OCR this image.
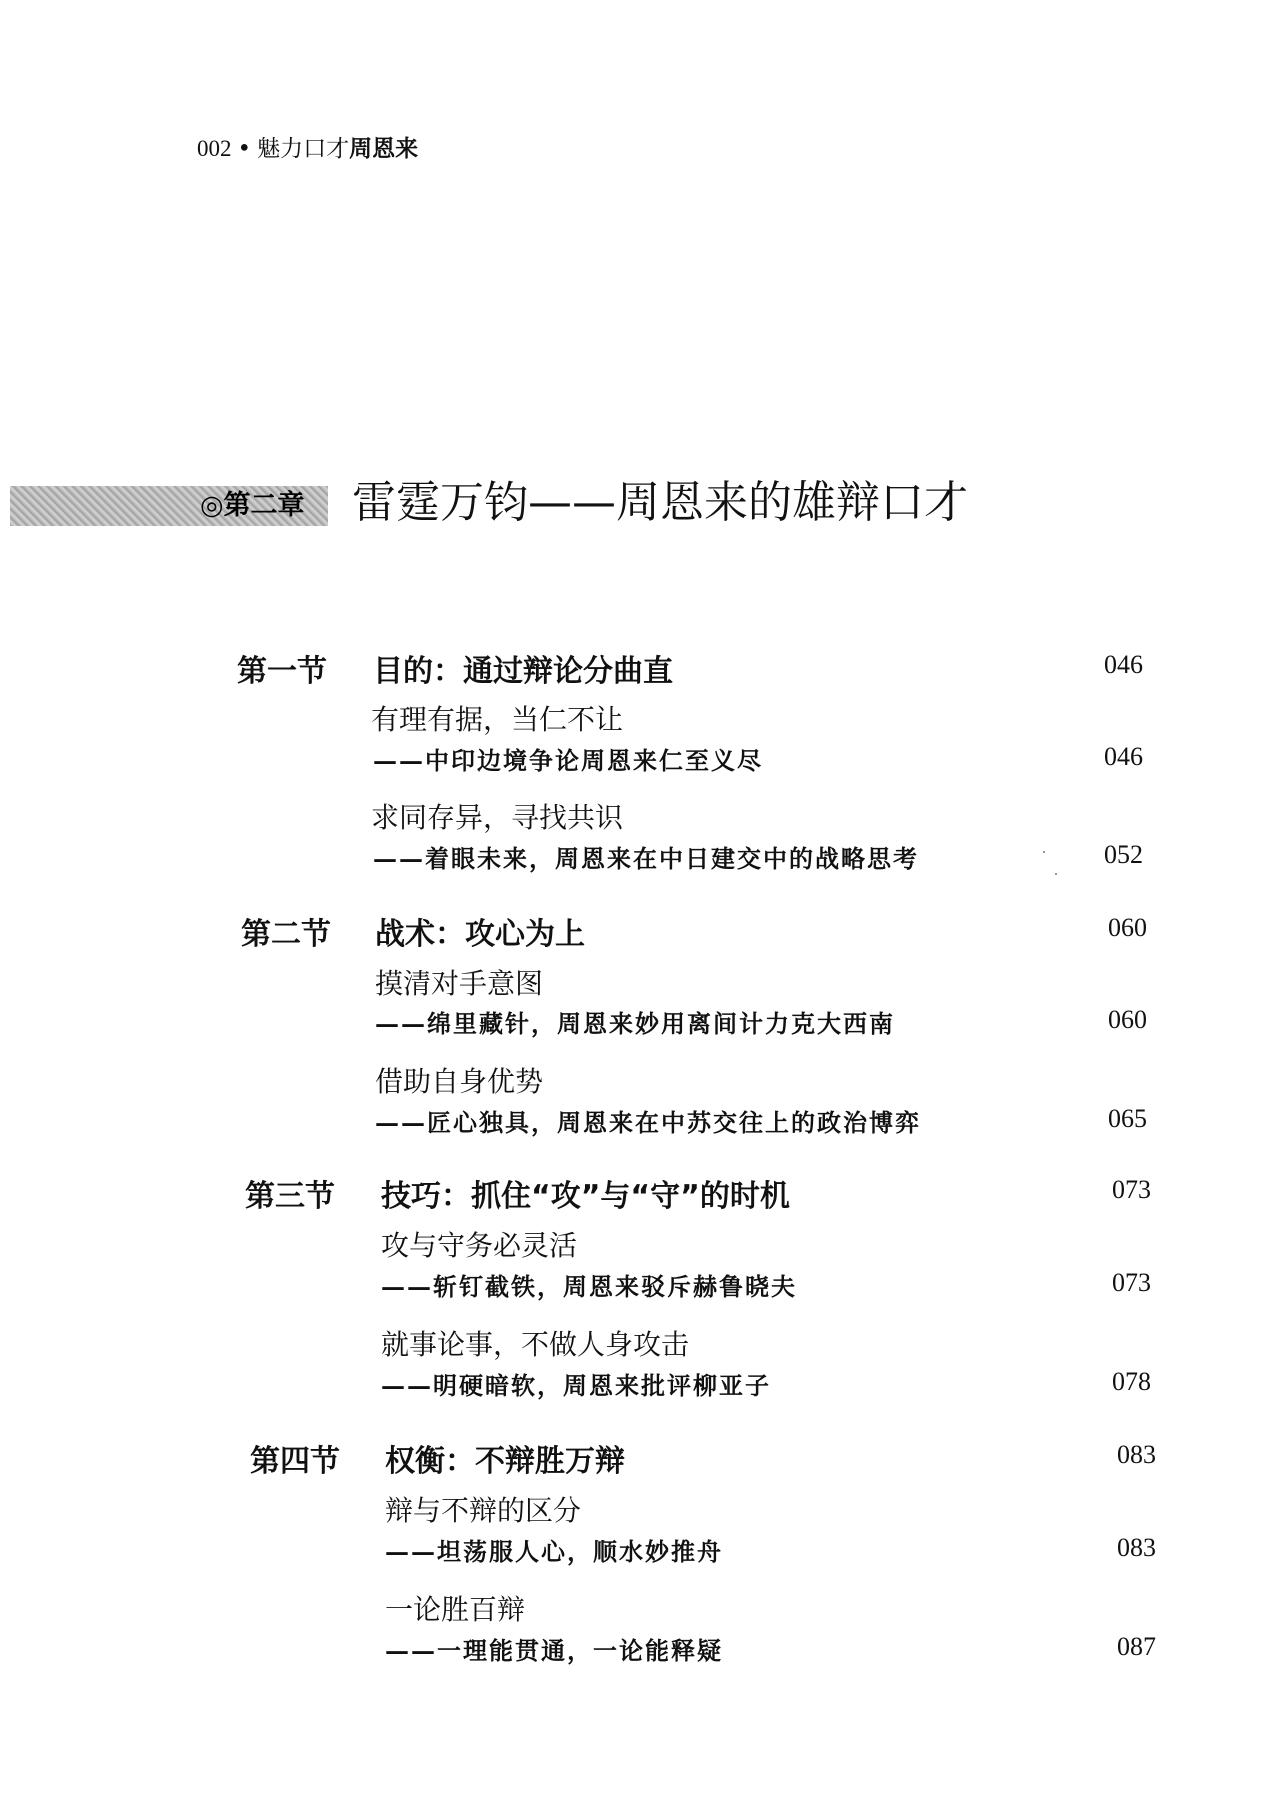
002 • 魅力口才周恩来
◎第二章 雷霆万钧——周恩来的雄辩口才
第一节 目的：通过辩论分曲直	046
有理有据，当仁不让
——中印边境争论周恩来仁至义尽	046
求同存异，寻找共识
——着眼未来，周恩来在中日建交中的战略思考	052
第二节 战术：攻心为上	060
摸清对手意图
——绵里藏针，周恩来妙用离间计力克大西南	060
借助自身优势
——匠心独具，周恩来在中苏交往上的政治博弈	065
第三节 技巧：抓住“攻”与“守”的时机	073
攻与守务必灵活
——斩钉截铁，周恩来驳斥赫鲁晓夫	073
就事论事，不做人身攻击
——明硬暗软，周恩来批评柳亚子	078
第四节 权衡：不辩胜万辩	083
辩与不辩的区分
——坦荡服人心，顺水妙推舟	083
一论胜百辩
——一理能贯通，一论能释疑	087
